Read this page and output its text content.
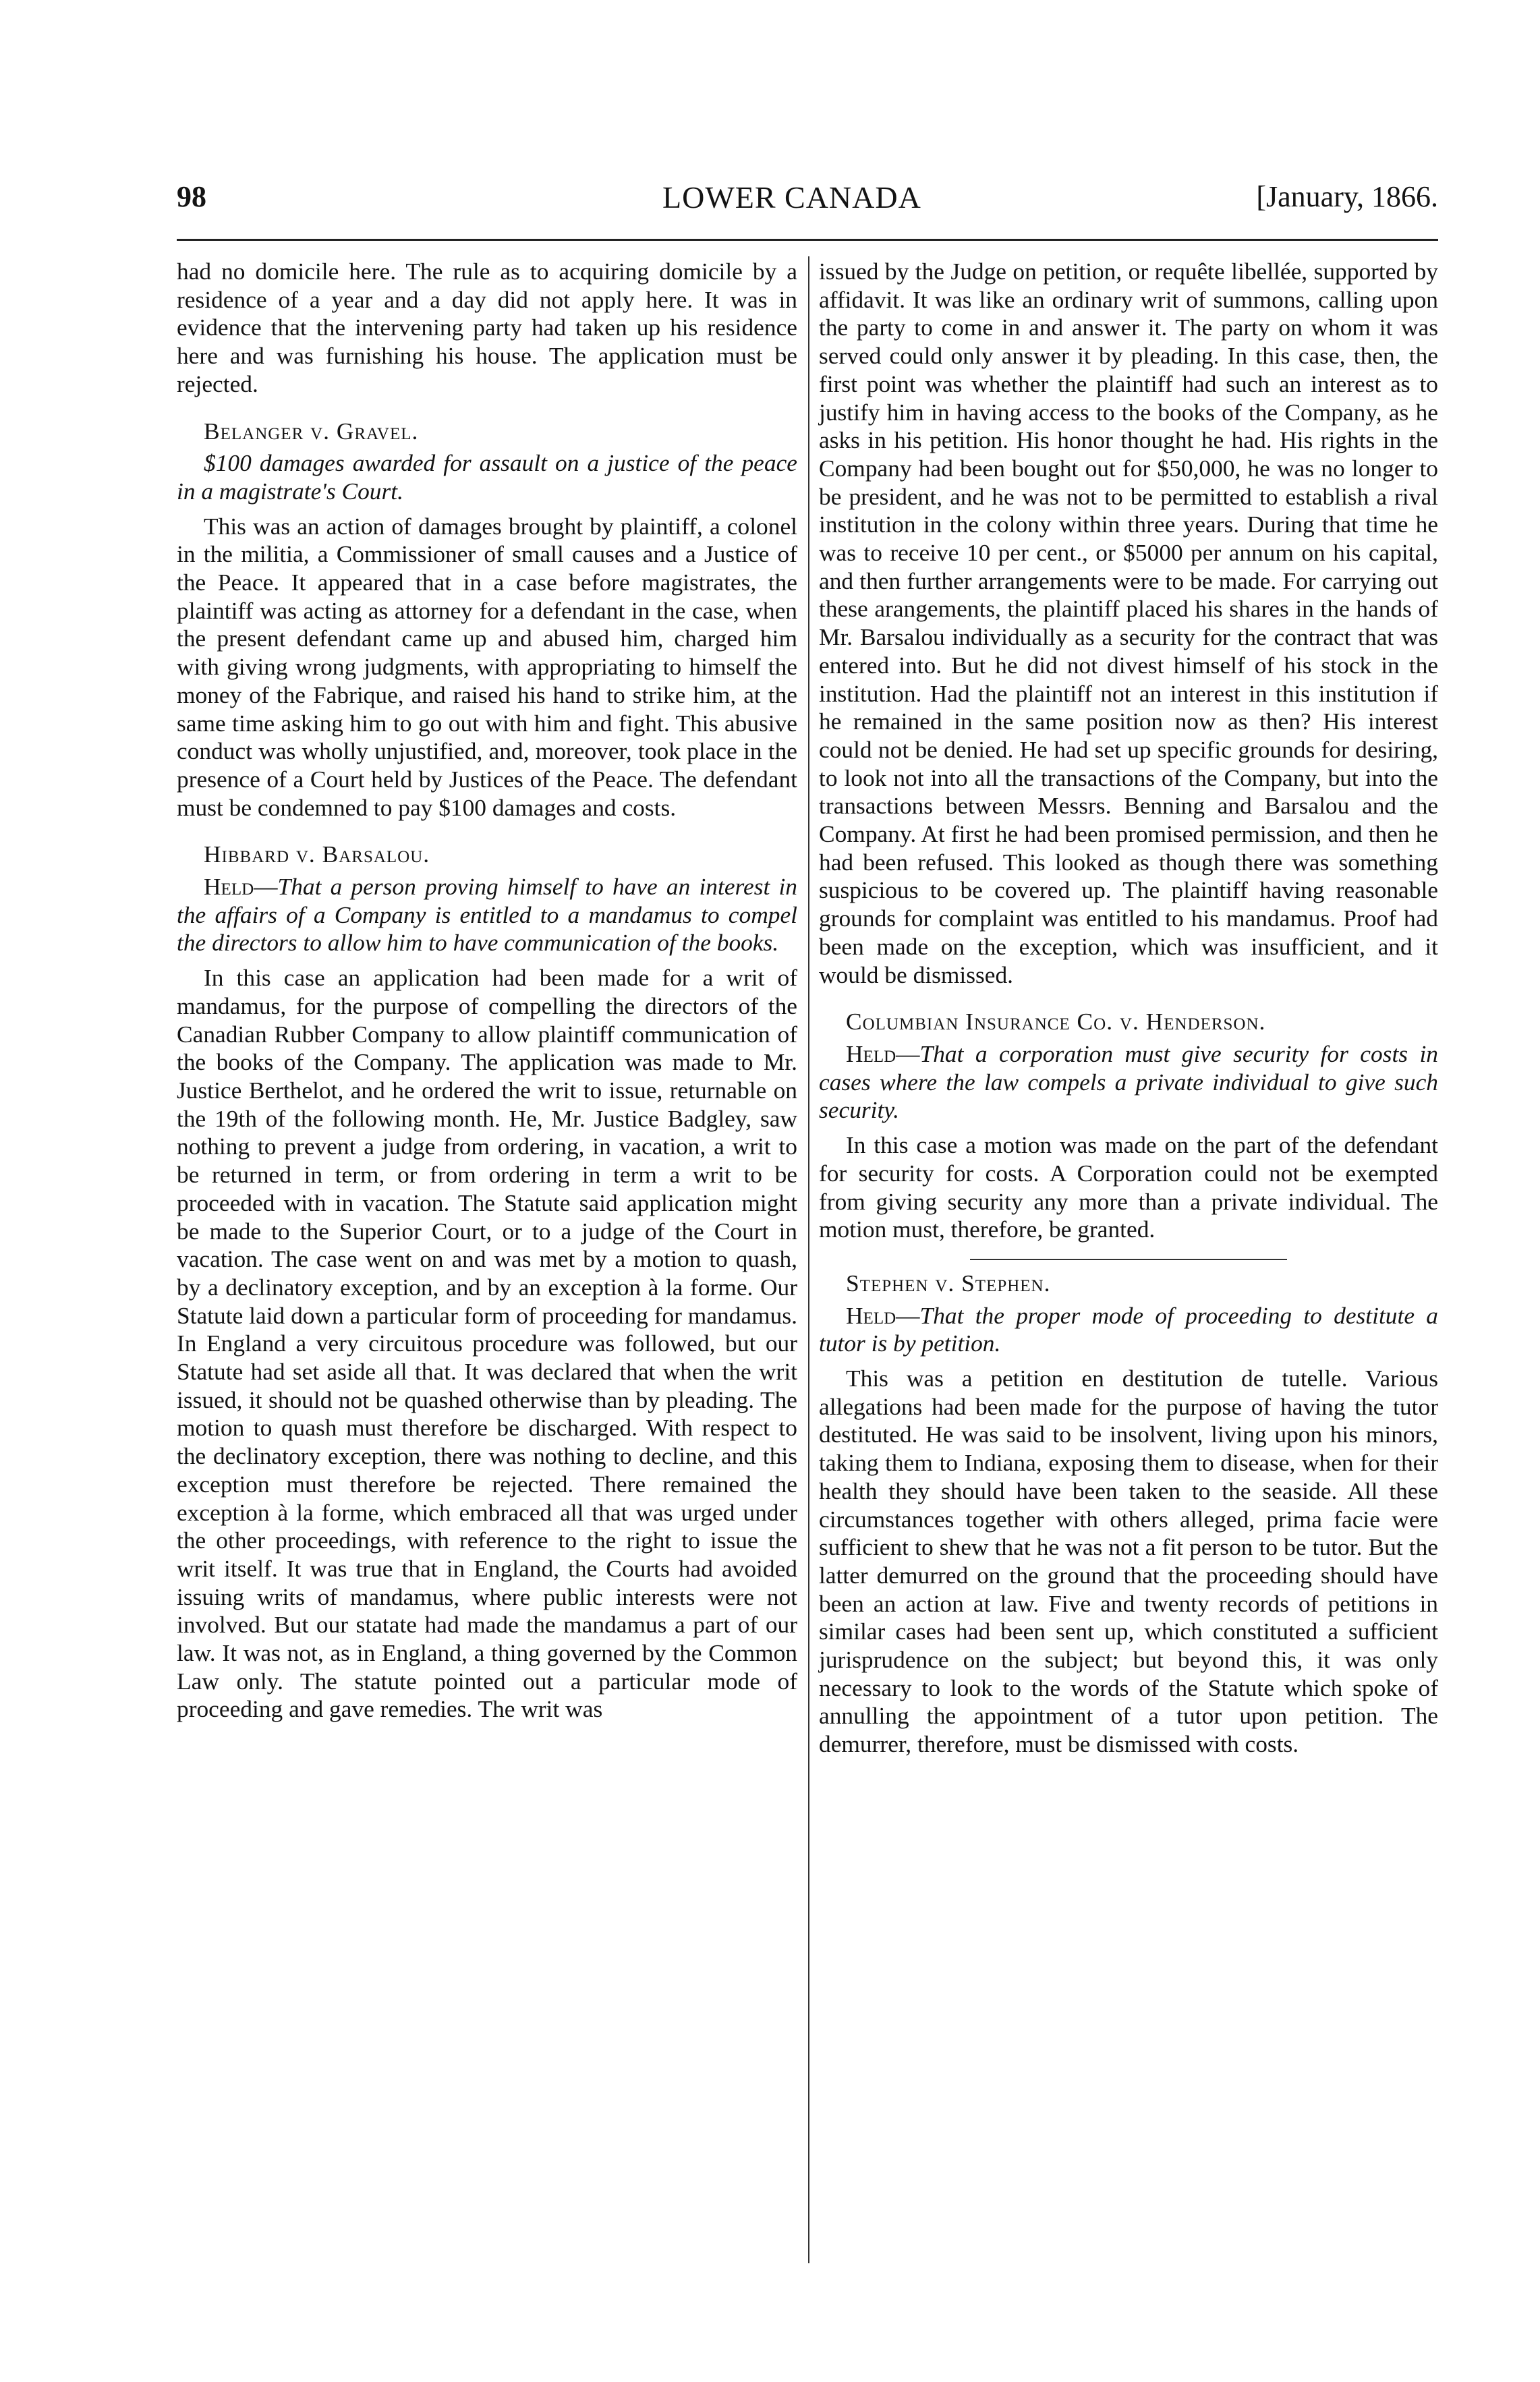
98	LOWER CANADA	[January, 1866.

had no domicile here. The rule as to acquiring domicile by a residence of a year and a day did not apply here. It was in evidence that the intervening party had taken up his residence here and was furnishing his house. The application must be rejected.

Belanger v. Gravel.

$100 damages awarded for assault on a justice of the peace in a magistrate's Court.

This was an action of damages brought by plaintiff, a colonel in the militia, a Commissioner of small causes and a Justice of the Peace. It appeared that in a case before magistrates, the plaintiff was acting as attorney for a defendant in the case, when the present defendant came up and abused him, charged him with giving wrong judgments, with appropriating to himself the money of the Fabrique, and raised his hand to strike him, at the same time asking him to go out with him and fight. This abusive conduct was wholly unjustified, and, moreover, took place in the presence of a Court held by Justices of the Peace. The defendant must be condemned to pay $100 damages and costs.

Hibbard v. Barsalou.

Held—That a person proving himself to have an interest in the affairs of a Company is entitled to a mandamus to compel the directors to allow him to have communication of the books.

In this case an application had been made for a writ of mandamus, for the purpose of compelling the directors of the Canadian Rubber Company to allow plaintiff communication of the books of the Company. The application was made to Mr. Justice Berthelot, and he ordered the writ to issue, returnable on the 19th of the following month. He, Mr. Justice Badgley, saw nothing to prevent a judge from ordering, in vacation, a writ to be returned in term, or from ordering in term a writ to be proceeded with in vacation. The Statute said application might be made to the Superior Court, or to a judge of the Court in vacation. The case went on and was met by a motion to quash, by a declinatory exception, and by an exception à la forme. Our Statute laid down a particular form of proceeding for mandamus. In England a very circuitous procedure was followed, but our Statute had set aside all that. It was declared that when the writ issued, it should not be quashed otherwise than by pleading. The motion to quash must therefore be discharged. With respect to the declinatory exception, there was nothing to decline, and this exception must therefore be rejected. There remained the exception à la forme, which embraced all that was urged under the other proceedings, with reference to the right to issue the writ itself. It was true that in England, the Courts had avoided issuing writs of mandamus, where public interests were not involved. But our statate had made the mandamus a part of our law. It was not, as in England, a thing governed by the Common Law only. The statute pointed out a particular mode of proceeding and gave remedies. The writ was

issued by the Judge on petition, or requête libellée, supported by affidavit. It was like an ordinary writ of summons, calling upon the party to come in and answer it. The party on whom it was served could only answer it by pleading. In this case, then, the first point was whether the plaintiff had such an interest as to justify him in having access to the books of the Company, as he asks in his petition. His honor thought he had. His rights in the Company had been bought out for $50,000, he was no longer to be president, and he was not to be permitted to establish a rival institution in the colony within three years. During that time he was to receive 10 per cent., or $5000 per annum on his capital, and then further arrangements were to be made. For carrying out these arangements, the plaintiff placed his shares in the hands of Mr. Barsalou individually as a security for the contract that was entered into. But he did not divest himself of his stock in the institution. Had the plaintiff not an interest in this institution if he remained in the same position now as then? His interest could not be denied. He had set up specific grounds for desiring, to look not into all the transactions of the Company, but into the transactions between Messrs. Benning and Barsalou and the Company. At first he had been promised permission, and then he had been refused. This looked as though there was something suspicious to be covered up. The plaintiff having reasonable grounds for complaint was entitled to his mandamus. Proof had been made on the exception, which was insufficient, and it would be dismissed.

Columbian Insurance Co. v. Henderson.

Held—That a corporation must give security for costs in cases where the law compels a private individual to give such security.

In this case a motion was made on the part of the defendant for security for costs. A Corporation could not be exempted from giving security any more than a private individual. The motion must, therefore, be granted.

Stephen v. Stephen.

Held—That the proper mode of proceeding to destitute a tutor is by petition.

This was a petition en destitution de tutelle. Various allegations had been made for the purpose of having the tutor destituted. He was said to be insolvent, living upon his minors, taking them to Indiana, exposing them to disease, when for their health they should have been taken to the seaside. All these circumstances together with others alleged, prima facie were sufficient to shew that he was not a fit person to be tutor. But the latter demurred on the ground that the proceeding should have been an action at law. Five and twenty records of petitions in similar cases had been sent up, which constituted a sufficient jurisprudence on the subject; but beyond this, it was only necessary to look to the words of the Statute which spoke of annulling the appointment of a tutor upon petition. The demurrer, therefore, must be dismissed with costs.
